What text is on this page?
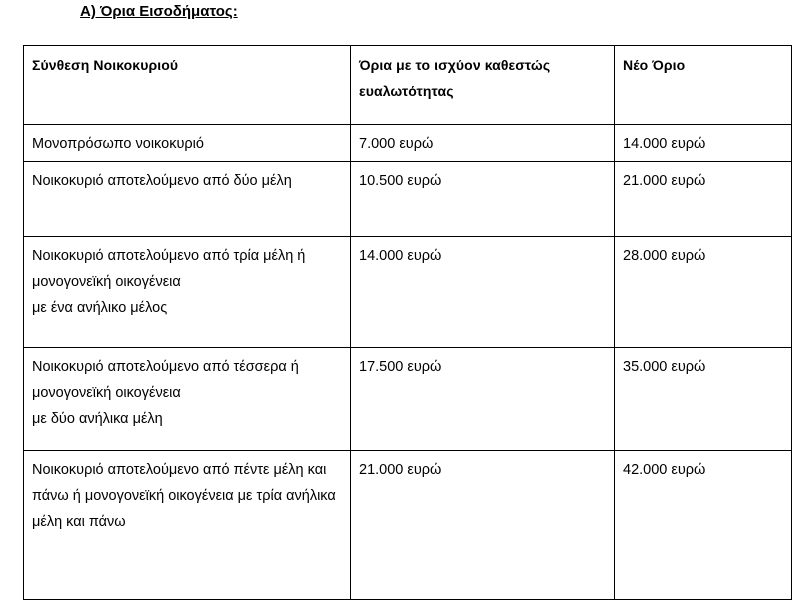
A) Όρια Εισοδήματος:
Σύνθεση Νοικοκυριού	Όρια με το ισχύον καθεστώς ευαλωτότητας	Νέο Όριο

Μονοπρόσωπο νοικοκυριό	7.000 ευρώ	14.000 ευρώ

Νοικοκυριό αποτελούμενο από δύο μέλη	10.500 ευρώ	21.000 ευρώ

Νοικοκυριό αποτελούμενο από τρία μέλη ή μονογονεϊκή οικογένεια
με ένα ανήλικο μέλος	14.000 ευρώ	28.000 ευρώ

Νοικοκυριό αποτελούμενο από τέσσερα ή μονογονεϊκή οικογένεια
με δύο ανήλικα μέλη	17.500 ευρώ	35.000 ευρώ

Νοικοκυριό αποτελούμενο από πέντε μέλη και πάνω ή μονογονεϊκή οικογένεια με τρία ανήλικα μέλη και πάνω	21.000 ευρώ	42.000 ευρώ
